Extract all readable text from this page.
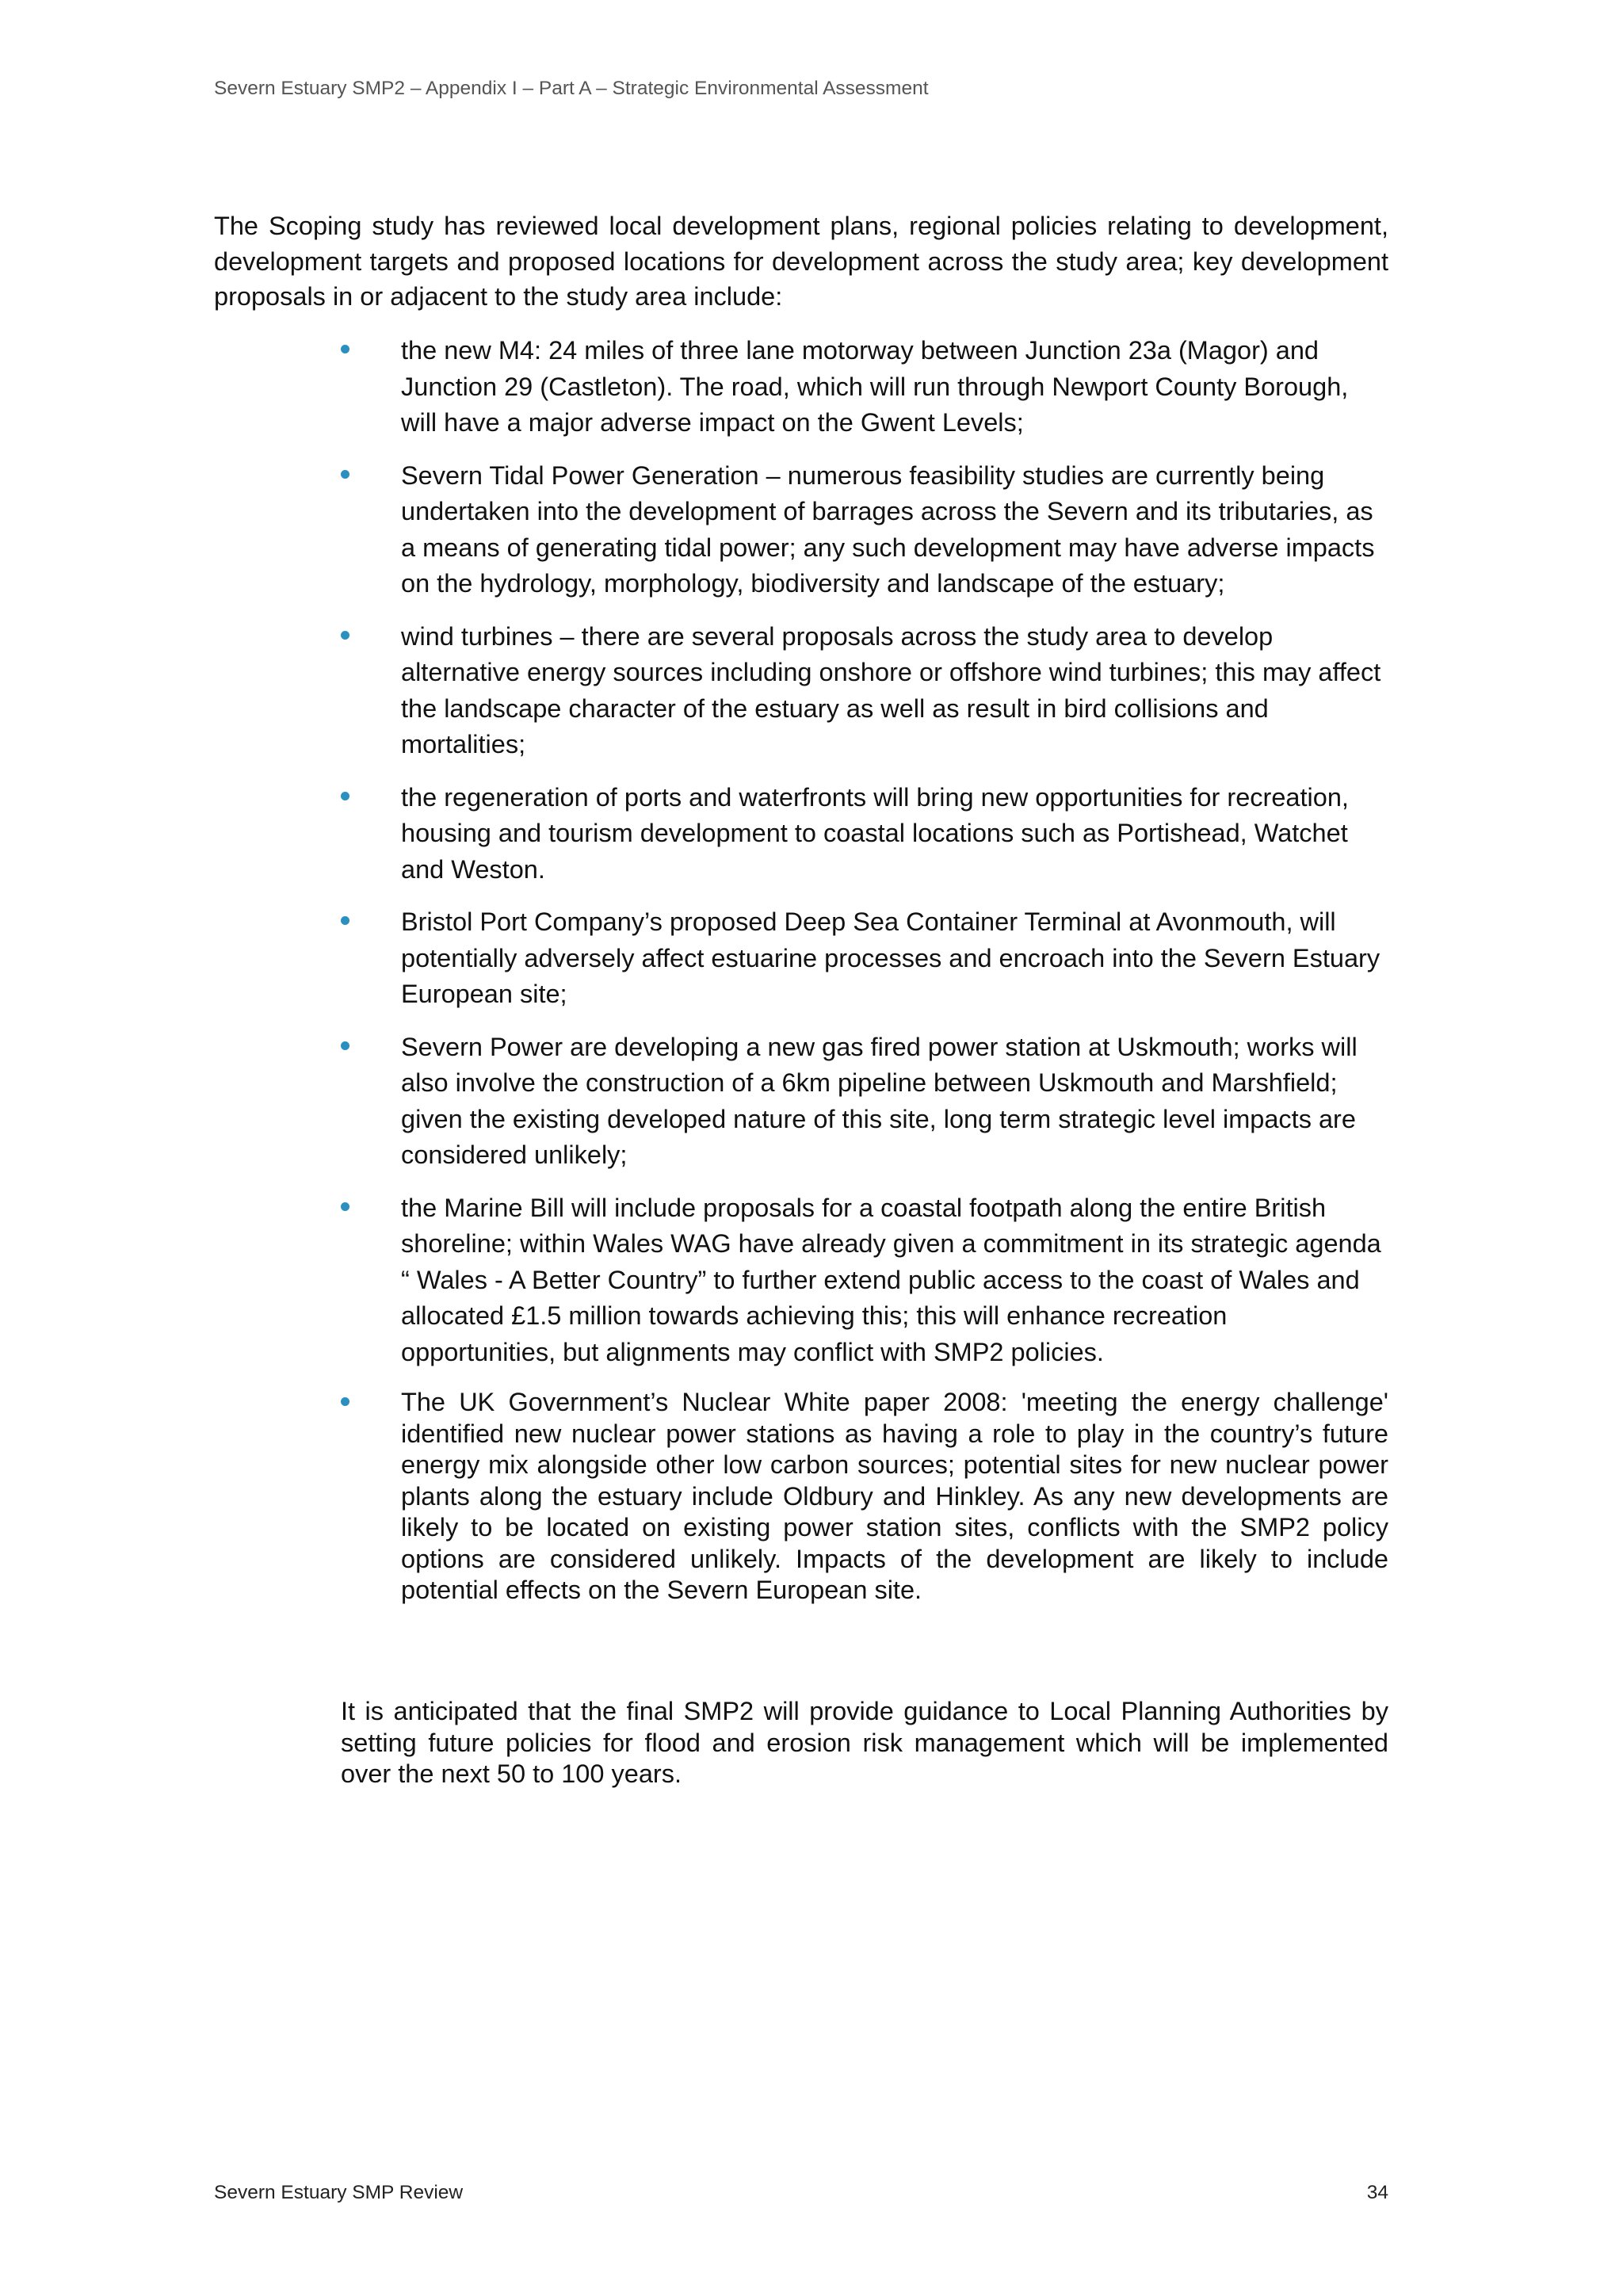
Severn Estuary SMP2 – Appendix I – Part A – Strategic Environmental Assessment

The Scoping study has reviewed local development plans, regional policies relating to development, development targets and proposed locations for development across the study area; key development proposals in or adjacent to the study area include:

the new M4: 24 miles of three lane motorway between Junction 23a (Magor) and Junction 29 (Castleton). The road, which will run through Newport County Borough, will have a major adverse impact on the Gwent Levels;
Severn Tidal Power Generation – numerous feasibility studies are currently being undertaken into the development of barrages across the Severn and its tributaries, as a means of generating tidal power; any such development may have adverse impacts on the hydrology, morphology, biodiversity and landscape of the estuary;
wind turbines – there are several proposals across the study area to develop alternative energy sources including onshore or offshore wind turbines; this may affect the landscape character of the estuary as well as result in bird collisions and mortalities;
the regeneration of ports and waterfronts will bring new opportunities for recreation, housing and tourism development to coastal locations such as Portishead, Watchet and Weston.
Bristol Port Company’s proposed Deep Sea Container Terminal at Avonmouth, will potentially adversely affect estuarine processes and encroach into the Severn Estuary European site;
Severn Power are developing a new gas fired power station at Uskmouth; works will also involve the construction of a 6km pipeline between Uskmouth and Marshfield; given the existing developed nature of this site, long term strategic level impacts are considered unlikely;
the Marine Bill will include proposals for a coastal footpath along the entire British shoreline; within Wales WAG have already given a commitment in its strategic agenda “ Wales - A Better Country” to further extend public access to the coast of Wales and allocated £1.5 million towards achieving this; this will enhance recreation opportunities, but alignments may conflict with SMP2 policies.
The UK Government’s Nuclear White paper 2008: 'meeting the energy challenge' identified new nuclear power stations as having a role to play in the country’s future energy mix alongside other low carbon sources; potential sites for new nuclear power plants along the estuary include Oldbury and Hinkley. As any new developments are likely to be located on existing power station sites, conflicts with the SMP2 policy options are considered unlikely. Impacts of the development are likely to include potential effects on the Severn European site.

It is anticipated that the final SMP2 will provide guidance to Local Planning Authorities by setting future policies for flood and erosion risk management which will be implemented over the next 50 to 100 years.

Severn Estuary SMP Review	34
